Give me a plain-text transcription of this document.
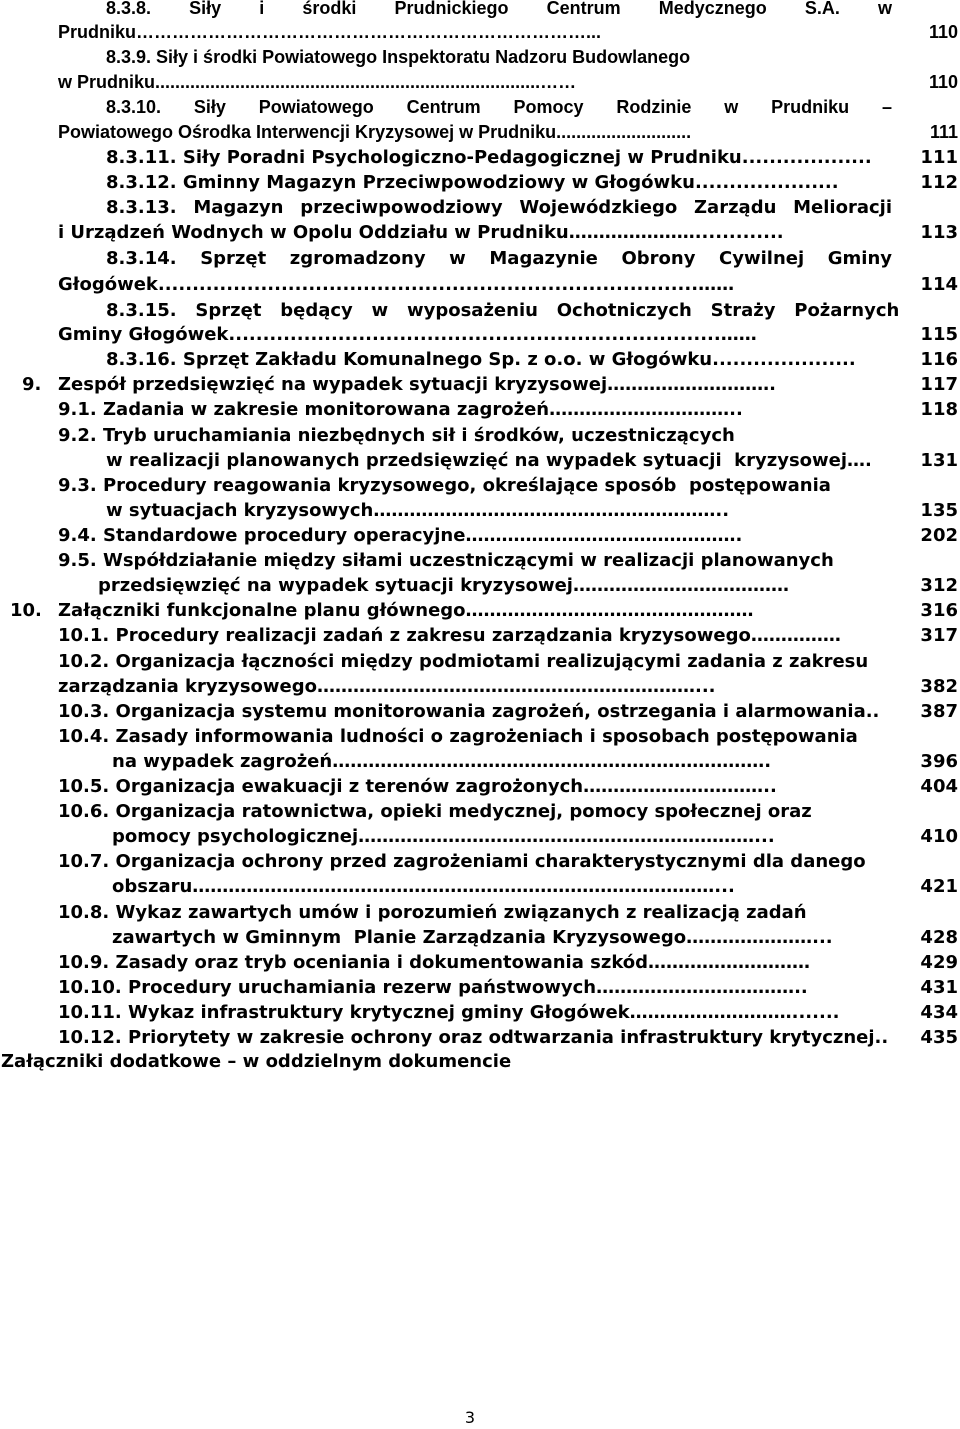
8.3.8.  Siły  i  środki  Prudnickiego  Centrum  Medycznego  S.A.  w
Prudniku…………………………………………………………………...	110
8.3.9. Siły i środki Powiatowego Inspektoratu Nadzoru Budowlanego
w Prudniku.............................................................................……	110
8.3.10.  Siły  Powiatowego  Centrum  Pomocy  Rodzinie  w  Prudniku  –
Powiatowego Ośrodka Interwencji Kryzysowej w Prudniku...........................	111
8.3.11. Siły Poradni Psychologiczno-Pedagogicznej w Prudniku...................	111
8.3.12. Gminny Magazyn Przeciwpowodziowy w Głogówku.....................	112
8.3.13.  Magazyn  przeciwpowodziowy  Wojewódzkiego  Zarządu  Melioracji
i Urządzeń Wodnych w Opolu Oddziału w Prudniku………………….............	113
8.3.14.   Sprzęt   zgromadzony   w   Magazynie   Obrony   Cywilnej   Gminy
Głogówek...............................................................................……	114
8.3.15.   Sprzęt   będący   w   wyposażeniu   Ochotniczych   Straży   Pożarnych
Gminy Głogówek........................................................................……	115
8.3.16. Sprzęt Zakładu Komunalnego Sp. z o.o. w Głogówku.....................	116
9. Zespół przedsięwzięć na wypadek sytuacji kryzysowej……………………….	117
9.1. Zadania w zakresie monitorowana zagrożeń…………………………..	118
9.2. Tryb uruchamiania niezbędnych sił i środków, uczestniczących
w realizacji planowanych przedsięwzięć na wypadek sytuacji  kryzysowej….	131
9.3. Procedury reagowania kryzysowego, określające sposób  postępowania
w sytuacjach kryzysowych…………………………………………………..	135
9.4. Standardowe procedury operacyjne……………………………………….	202
9.5. Współdziałanie między siłami uczestniczącymi w realizacji planowanych
przedsięwzięć na wypadek sytuacji kryzysowej………………………………	312
10. Załączniki funkcjonalne planu głównego…………………………………………	316
10.1. Procedury realizacji zadań z zakresu zarządzania kryzysowego……………	317
10.2. Organizacja łączności między podmiotami realizującymi zadania z zakresu
zarządzania kryzysowego………………………………………………………...	382
10.3. Organizacja systemu monitorowania zagrożeń, ostrzegania i alarmowania..	387
10.4. Zasady informowania ludności o zagrożeniach i sposobach postępowania
na wypadek zagrożeń……………………………………………………………….	396
10.5. Organizacja ewakuacji z terenów zagrożonych…………………………..	404
10.6. Organizacja ratownictwa, opieki medycznej, pomocy społecznej oraz
pomocy psychologicznej…………………………………………………………...	410
10.7. Organizacja ochrony przed zagrożeniami charakterystycznymi dla danego
obszaru……………………………………………………………………………...	421
10.8. Wykaz zawartych umów i porozumień związanych z realizacją zadań
zawartych w Gminnym  Planie Zarządzania Kryzysowego…………………...	428
10.9. Zasady oraz tryb oceniania i dokumentowania szkód………………………	429
10.10. Procedury uruchamiania rezerw państwowych……………………………..	431
10.11. Wykaz infrastruktury krytycznej gminy Głogówek……………………….......	434
10.12. Priorytety w zakresie ochrony oraz odtwarzania infrastruktury krytycznej..	435
Załączniki dodatkowe – w oddzielnym dokumencie
3
